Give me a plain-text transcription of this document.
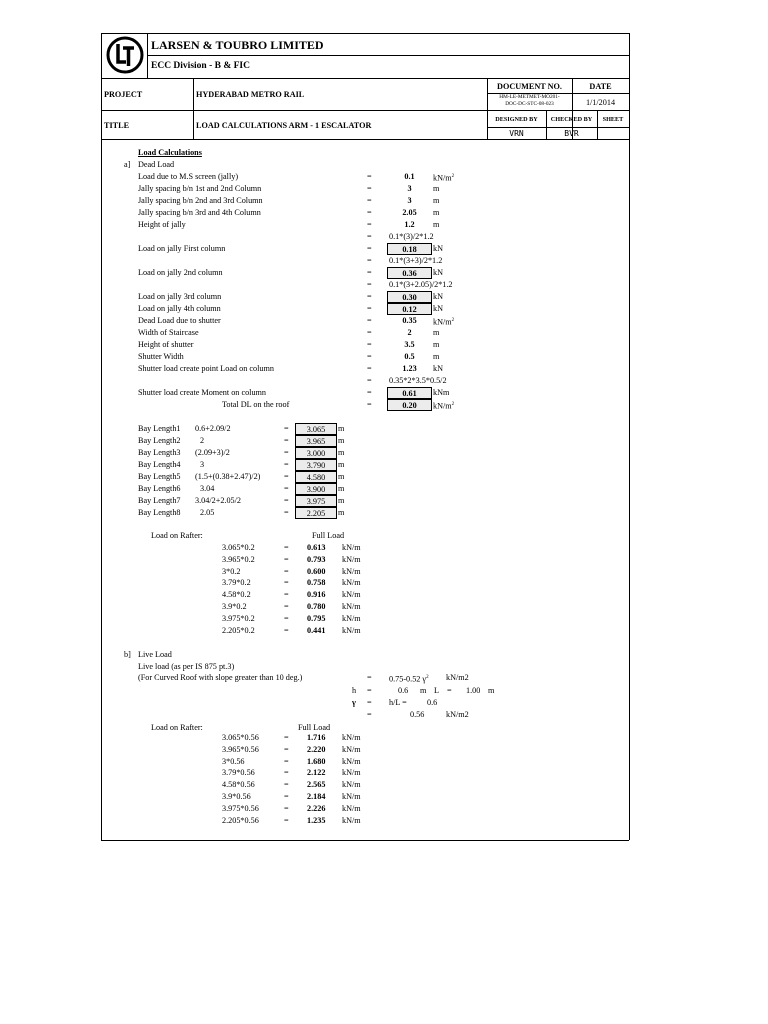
LARSEN & TOUBRO LIMITED
ECC Division - B & FIC
PROJECT	HYDERABAD METRO RAIL
TITLE	LOAD CALCULATIONS ARM - 1 ESCALATOR
DOCUMENT NO.
HM-LE-METMET-MO201-
DOC-DC-STC-08-023
DATE
1/1/2014
DESIGNED BY	CHECKED BY	SHEET
VRN	BVR
Load Calculations
a] Dead Load
Load due to M.S screen (jally)	=	0.1	$kN/m^2$
Jally spacing b/n 1st and 2nd Column	=	3	m
Jally spacing b/n 2nd and 3rd Column	=	3	m
Jally spacing b/n 3rd and 4th Column	=	2.05	m
Height of jally	=	1.2	m
= 0.1*(3)/2*1.2
Load on jally First column	=	0.18	kN
= 0.1*(3+3)/2*1.2
Load on jally 2nd column	=	0.36	kN
= 0.1*(3+2.05)/2*1.2
Load on jally 3rd column	=	0.30	kN
Load on jally 4th column	=	0.12	kN
Dead Load due to shutter	=	0.35	$kN/m^2$
Width of Staircase	=	2	m
Height of shutter	=	3.5	m
Shutter Width	=	0.5	m
Shutter load create point Load on column	=	1.23	kN
= 0.35*2*3.5*0.5/2
Shutter load create Moment on column	=	0.61	kNm
Total DL on the roof	=	0.20	$kN/m^2$
Bay Length1 0.6+2.09/2	=	3.065	m
Bay Length2 2	=	3.965	m
Bay Length3 (2.09+3)/2	=	3.000	m
Bay Length4 3	=	3.790	m
Bay Length5 (1.5+(0.38+2.47)/2)	=	4.580	m
Bay Length6 3.04	=	3.900	m
Bay Length7 3.04/2+2.05/2	=	3.975	m
Bay Length8 2.05	=	2.205	m
Load on Rafter:	Full Load
3.065*0.2	= 0.613 kN/m
3.965*0.2	= 0.793 kN/m
3*0.2	= 0.600 kN/m
3.79*0.2	= 0.758 kN/m
4.58*0.2	= 0.916 kN/m
3.9*0.2	= 0.780 kN/m
3.975*0.2	= 0.795 kN/m
2.205*0.2	= 0.441 kN/m
b] Live Load
Live load (as per IS 875 pt.3)
(For Curved Roof with slope greater than 10 deg.)	= 0.75-0.52 $\gamma^2$ kN/m2
h =	0.6 m L = 1.00 m
γ = h/L = 0.6
=	0.56	kN/m2
Load on Rafter:	Full Load
3.065*0.56	= 1.716 kN/m
3.965*0.56	= 2.220 kN/m
3*0.56	= 1.680 kN/m
3.79*0.56	= 2.122 kN/m
4.58*0.56	= 2.565 kN/m
3.9*0.56	= 2.184 kN/m
3.975*0.56	= 2.226 kN/m
2.205*0.56	= 1.235 kN/m
